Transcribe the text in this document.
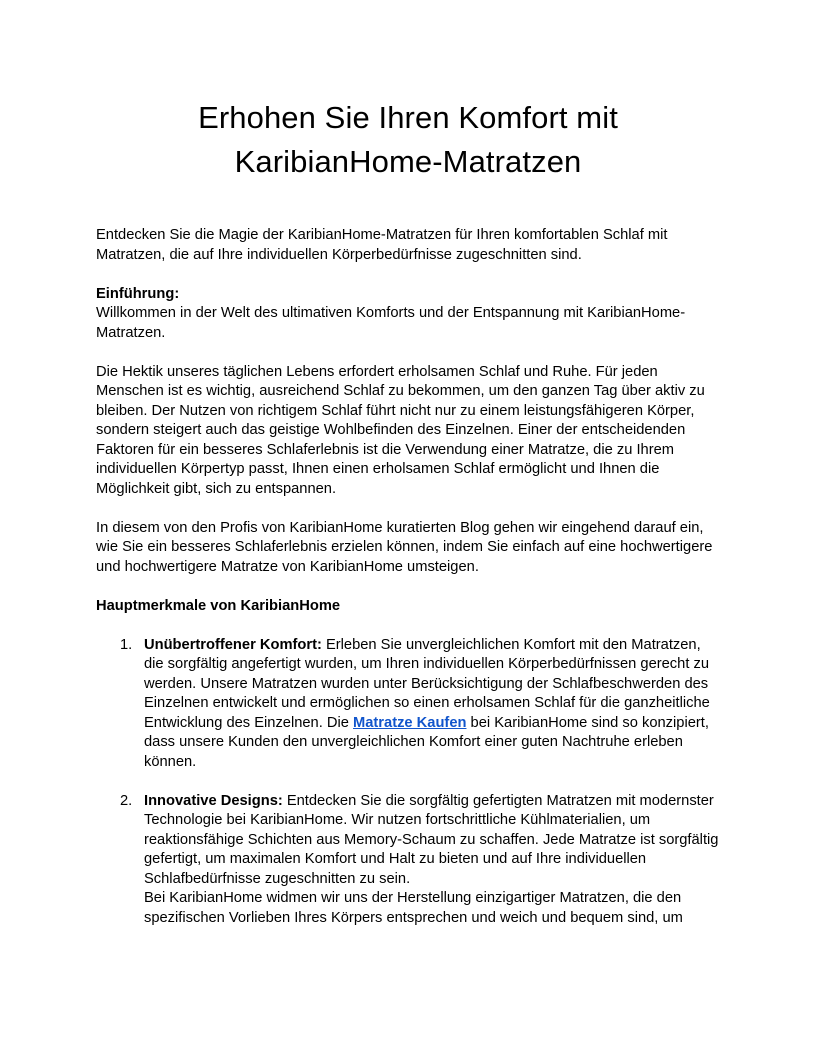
Erhohen Sie Ihren Komfort mit
KaribianHome-Matratzen

Entdecken Sie die Magie der KaribianHome-Matratzen für Ihren komfortablen Schlaf mit Matratzen, die auf Ihre individuellen Körperbedürfnisse zugeschnitten sind.

Einführung:
Willkommen in der Welt des ultimativen Komforts und der Entspannung mit KaribianHome-Matratzen.

Die Hektik unseres täglichen Lebens erfordert erholsamen Schlaf und Ruhe. Für jeden Menschen ist es wichtig, ausreichend Schlaf zu bekommen, um den ganzen Tag über aktiv zu bleiben. Der Nutzen von richtigem Schlaf führt nicht nur zu einem leistungsfähigeren Körper, sondern steigert auch das geistige Wohlbefinden des Einzelnen. Einer der entscheidenden Faktoren für ein besseres Schlaferlebnis ist die Verwendung einer Matratze, die zu Ihrem individuellen Körpertyp passt, Ihnen einen erholsamen Schlaf ermöglicht und Ihnen die Möglichkeit gibt, sich zu entspannen.

In diesem von den Profis von KaribianHome kuratierten Blog gehen wir eingehend darauf ein, wie Sie ein besseres Schlaferlebnis erzielen können, indem Sie einfach auf eine hochwertigere und hochwertigere Matratze von KaribianHome umsteigen.

Hauptmerkmale von KaribianHome

1. Unübertroffener Komfort: Erleben Sie unvergleichlichen Komfort mit den Matratzen, die sorgfältig angefertigt wurden, um Ihren individuellen Körperbedürfnissen gerecht zu werden. Unsere Matratzen wurden unter Berücksichtigung der Schlafbeschwerden des Einzelnen entwickelt und ermöglichen so einen erholsamen Schlaf für die ganzheitliche Entwicklung des Einzelnen. Die Matratze Kaufen bei KaribianHome sind so konzipiert, dass unsere Kunden den unvergleichlichen Komfort einer guten Nachtruhe erleben können.
2. Innovative Designs: Entdecken Sie die sorgfältig gefertigten Matratzen mit modernster Technologie bei KaribianHome. Wir nutzen fortschrittliche Kühlmaterialien, um reaktionsfähige Schichten aus Memory-Schaum zu schaffen. Jede Matratze ist sorgfältig gefertigt, um maximalen Komfort und Halt zu bieten und auf Ihre individuellen Schlafbedürfnisse zugeschnitten zu sein.
Bei KaribianHome widmen wir uns der Herstellung einzigartiger Matratzen, die den spezifischen Vorlieben Ihres Körpers entsprechen und weich und bequem sind, um
